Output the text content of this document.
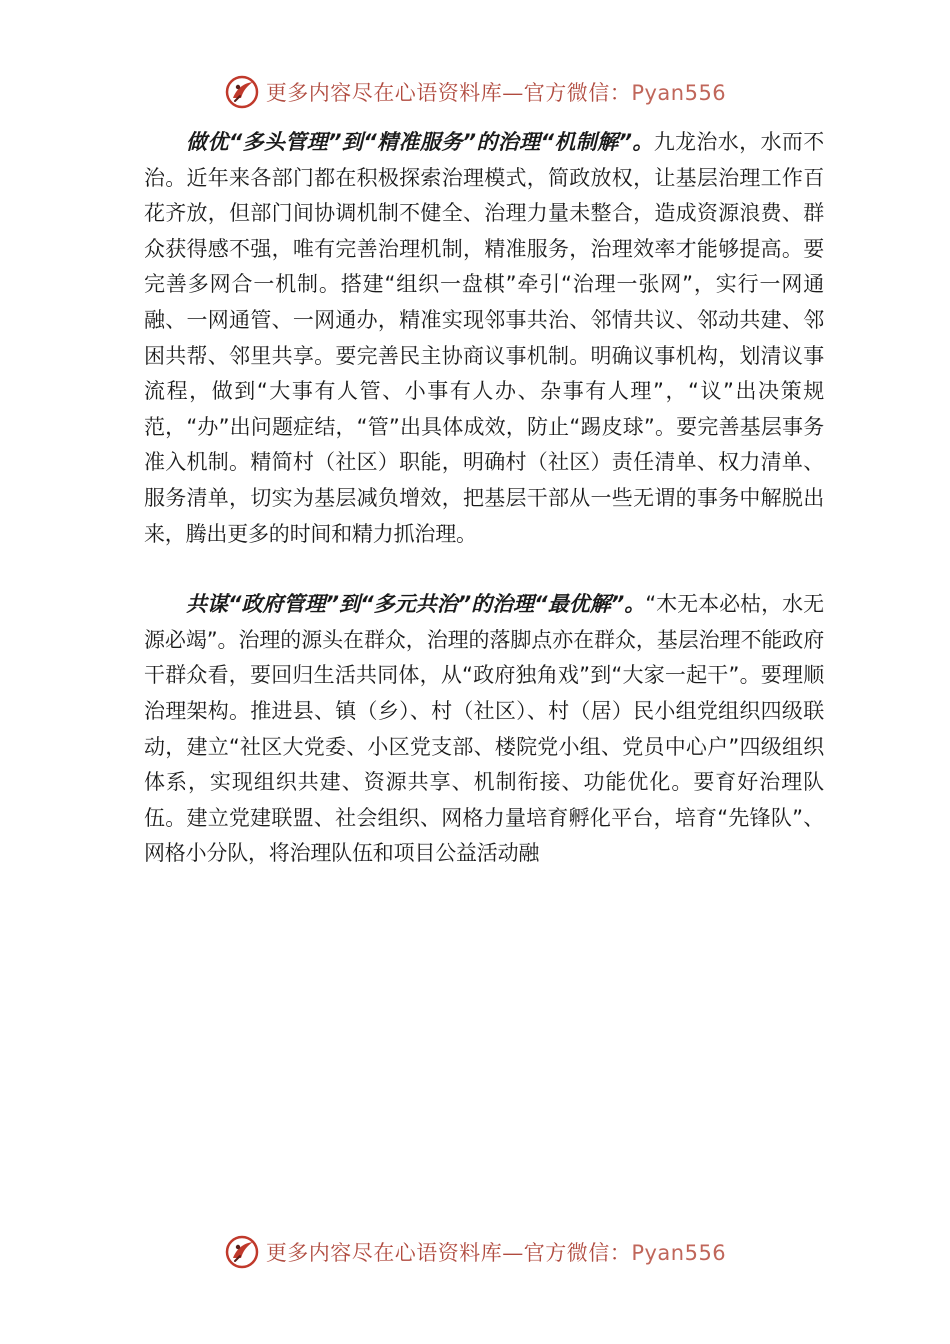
更多内容尽在心语资料库—官方微信：Pyan556

做优“多头管理”到“精准服务”的治理“机制解”。九龙治水，水而不治。近年来各部门都在积极探索治理模式，简政放权，让基层治理工作百花齐放，但部门间协调机制不健全、治理力量未整合，造成资源浪费、群众获得感不强，唯有完善治理机制，精准服务，治理效率才能够提高。要完善多网合一机制。搭建“组织一盘棋”牵引“治理一张网”，实行一网通融、一网通管、一网通办，精准实现邻事共治、邻情共议、邻动共建、邻困共帮、邻里共享。要完善民主协商议事机制。明确议事机构，划清议事流程，做到“大事有人管、小事有人办、杂事有人理”，“议”出决策规范，“办”出问题症结，“管”出具体成效，防止“踢皮球”。要完善基层事务准入机制。精简村（社区）职能，明确村（社区）责任清单、权力清单、服务清单，切实为基层减负增效，把基层干部从一些无谓的事务中解脱出来，腾出更多的时间和精力抓治理。

共谋“政府管理”到“多元共治”的治理“最优解”。“木无本必枯，水无源必竭”。治理的源头在群众，治理的落脚点亦在群众，基层治理不能政府干群众看，要回归生活共同体，从“政府独角戏”到“大家一起干”。要理顺治理架构。推进县、镇（乡）、村（社区）、村（居）民小组党组织四级联动，建立“社区大党委、小区党支部、楼院党小组、党员中心户”四级组织体系，实现组织共建、资源共享、机制衔接、功能优化。要育好治理队伍。建立党建联盟、社会组织、网格力量培育孵化平台，培育“先锋队”、网格小分队，将治理队伍和项目公益活动融

更多内容尽在心语资料库—官方微信：Pyan556
